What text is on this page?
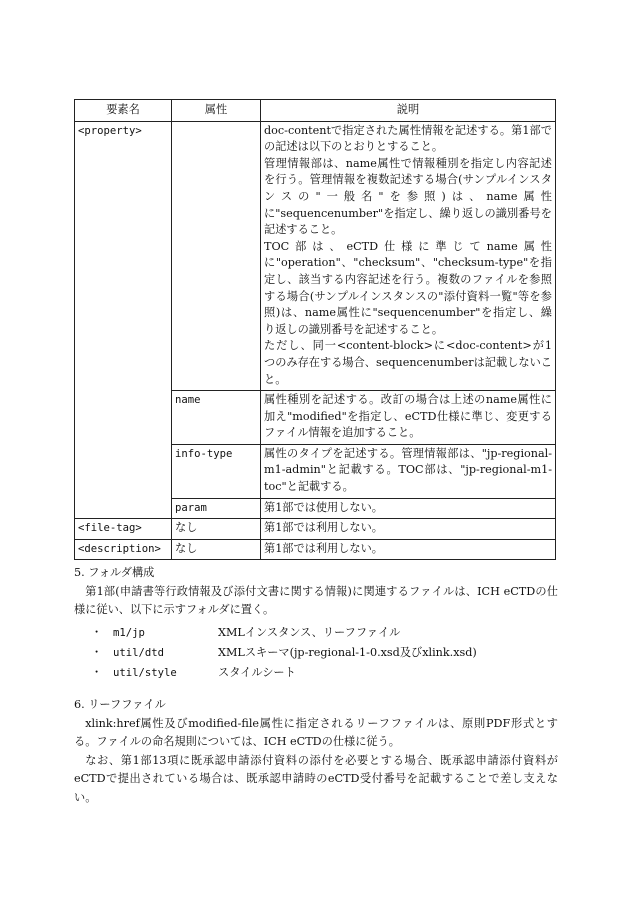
要素名	属性	説明
<property>		doc-contentで指定された属性情報を記述する。第1部での記述は以下のとおりとすること。

管理情報部は、name属性で情報種別を指定し内容記述を行う。管理情報を複数記述する場合(サンプルインスタンスの"一般名"を参照)は、name属性に"sequencenumber"を指定し、繰り返しの識別番号を記述すること。

TOC部は、eCTD仕様に準じてname属性に"operation"、"checksum"、"checksum-type"を指定し、該当する内容記述を行う。複数のファイルを参照する場合(サンプルインスタンスの"添付資料一覧"等を参照)は、name属性に"sequencenumber"を指定し、繰り返しの識別番号を記述すること。

ただし、同一<content-block>に<doc-content>が1つのみ存在する場合、sequencenumberは記載しないこと。

	name	属性種別を記述する。改訂の場合は上述のname属性に加え"modified"を指定し、eCTD仕様に準じ、変更するファイル情報を追加すること。

	info-type	属性のタイプを記述する。管理情報部は、"jp-regional-m1-admin"と記載する。TOC部は、"jp-regional-m1-toc"と記載する。

	param	第1部では使用しない。

<file-tag>	なし	第1部では利用しない。
<description>	なし	第1部では利用しない。
5. フォルダ構成

第1部(申請書等行政情報及び添付文書に関する情報)に関連するファイルは、ICH eCTDの仕様に従い、以下に示すフォルダに置く。

・	m1/jp	XMLインスタンス、リーフファイル
・	util/dtd	XMLスキーマ(jp-regional-1-0.xsd及びxlink.xsd)
・	util/style	スタイルシート
6. リーフファイル

xlink:href属性及びmodified-file属性に指定されるリーフファイルは、原則PDF形式とする。ファイルの命名規則については、ICH eCTDの仕様に従う。

なお、第1部13項に既承認申請添付資料の添付を必要とする場合、既承認申請添付資料がeCTDで提出されている場合は、既承認申請時のeCTD受付番号を記載することで差し支えない。
